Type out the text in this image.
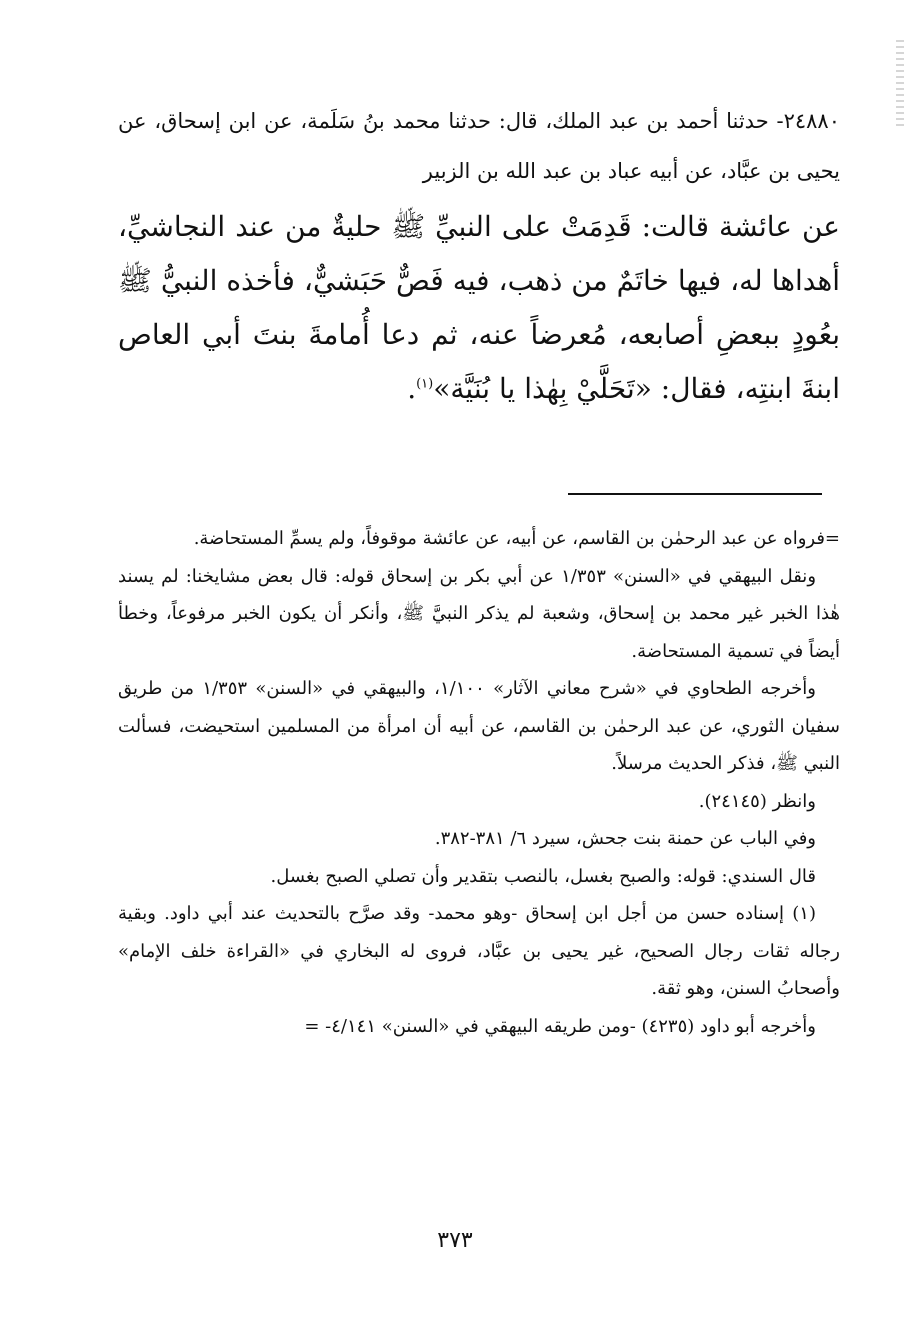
٢٤٨٨٠- حدثنا أحمد بن عبد الملك، قال: حدثنا محمد بنُ سَلَمة، عن ابن إسحاق، عن يحيى بن عبَّاد، عن أبيه عباد بن عبد الله بن الزبير

عن عائشة قالت: قَدِمَتْ على النبيِّ ﷺ حليةٌ من عند النجاشيِّ، أهداها له، فيها خاتَمٌ من ذهب، فيه فَصٌّ حَبَشيٌّ، فأخذه النبيُّ ﷺ بعُودٍ ببعضِ أصابعه، مُعرضاً عنه، ثم دعا أُمامةَ بنتَ أبي العاص ابنةَ ابنتِه، فقال: «تَحَلَّيْ بِهٰذا يا بُنَيَّة»$^{(١)}$.

=فرواه عن عبد الرحمٰن بن القاسم، عن أبيه، عن عائشة موقوفاً، ولم يسمِّ المستحاضة.

ونقل البيهقي في «السنن» ١/٣٥٣ عن أبي بكر بن إسحاق قوله: قال بعض مشايخنا: لم يسند هٰذا الخبر غير محمد بن إسحاق، وشعبة لم يذكر النبيَّ ﷺ، وأنكر أن يكون الخبر مرفوعاً، وخطأ أيضاً في تسمية المستحاضة.

وأخرجه الطحاوي في «شرح معاني الآثار» ١/١٠٠، والبيهقي في «السنن» ١/٣٥٣ من طريق سفيان الثوري، عن عبد الرحمٰن بن القاسم، عن أبيه أن امرأة من المسلمين استحيضت، فسألت النبي ﷺ، فذكر الحديث مرسلاً.

وانظر (٢٤١٤٥).

وفي الباب عن حمنة بنت جحش، سيرد ٦/ ٣٨١-٣٨٢.

قال السندي: قوله: والصبح بغسل، بالنصب بتقدير وأن تصلي الصبح بغسل.

(١) إسناده حسن من أجل ابن إسحاق -وهو محمد- وقد صرَّح بالتحديث عند أبي داود. وبقية رجاله ثقات رجال الصحيح، غير يحيى بن عبَّاد، فروى له البخاري في «القراءة خلف الإمام» وأصحابُ السنن، وهو ثقة.

وأخرجه أبو داود (٤٢٣٥) -ومن طريقه البيهقي في «السنن» ٤/١٤١- =

٣٧٣
